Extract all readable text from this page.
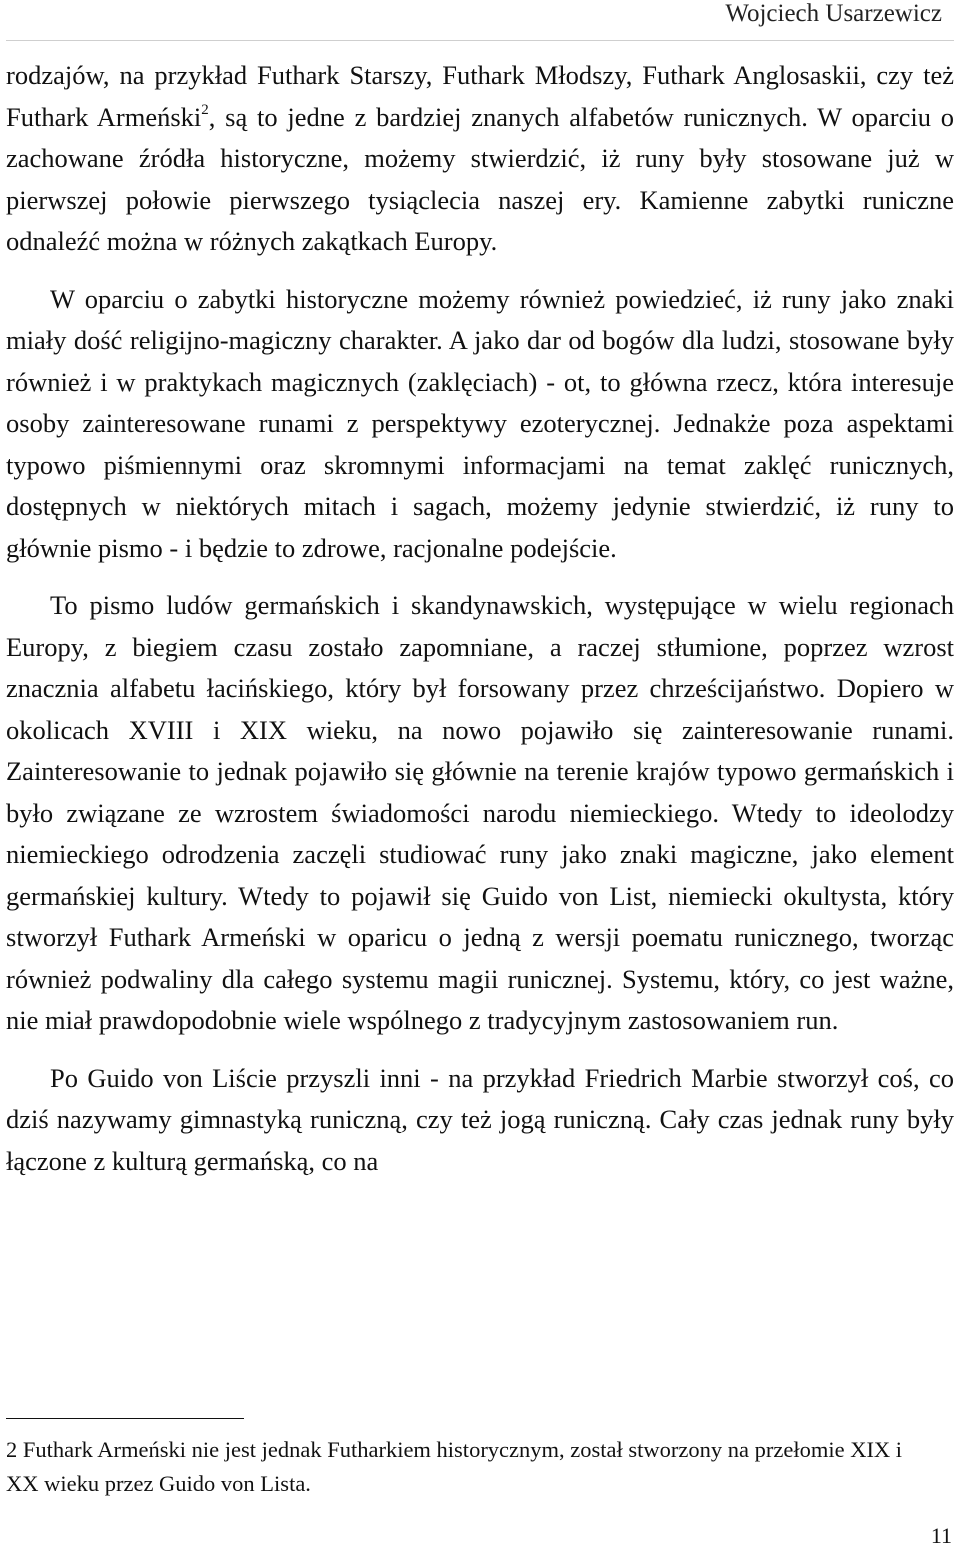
Wojciech Usarzewicz

rodzajów, na przykład Futhark Starszy, Futhark Młodszy, Futhark Anglosaskii, czy też Futhark Armeński$^2$, są to jedne z bardziej znanych alfabetów runicznych. W oparciu o zachowane źródła historyczne, możemy stwierdzić, iż runy były stosowane już w pierwszej połowie pierwszego tysiąclecia naszej ery. Kamienne zabytki runiczne odnaleźć można w różnych zakątkach Europy.

W oparciu o zabytki historyczne możemy również powiedzieć, iż runy jako znaki miały dość religijno-magiczny charakter. A jako dar od bogów dla ludzi, stosowane były również i w praktykach magicznych (zaklęciach) - ot, to główna rzecz, która interesuje osoby zainteresowane runami z perspektywy ezoterycznej. Jednakże poza aspektami typowo piśmiennymi oraz skromnymi informacjami na temat zaklęć runicznych, dostępnych w niektórych mitach i sagach, możemy jedynie stwierdzić, iż runy to głównie pismo - i będzie to zdrowe, racjonalne podejście.

To pismo ludów germańskich i skandynawskich, występujące w wielu regionach Europy, z biegiem czasu zostało zapomniane, a raczej stłumione, poprzez wzrost znacznia alfabetu łacińskiego, który był forsowany przez chrześcijaństwo. Dopiero w okolicach XVIII i XIX wieku, na nowo pojawiło się zainteresowanie runami. Zainteresowanie to jednak pojawiło się głównie na terenie krajów typowo germańskich i było związane ze wzrostem świadomości narodu niemieckiego. Wtedy to ideolodzy niemieckiego odrodzenia zaczęli studiować runy jako znaki magiczne, jako element germańskiej kultury. Wtedy to pojawił się Guido von List, niemiecki okultysta, który stworzył Futhark Armeński w oparicu o jedną z wersji poematu runicznego, tworząc również podwaliny dla całego systemu magii runicznej. Systemu, który, co jest ważne, nie miał prawdopodobnie wiele wspólnego z tradycyjnym zastosowaniem run.

Po Guido von Liście przyszli inni - na przykład Friedrich Marbie stworzył coś, co dziś nazywamy gimnastyką runiczną, czy też jogą runiczną. Cały czas jednak runy były łączone z kulturą germańską, co na

2 Futhark Armeński nie jest jednak Futharkiem historycznym, został stworzony na przełomie XIX i XX wieku przez Guido von Lista.
11
